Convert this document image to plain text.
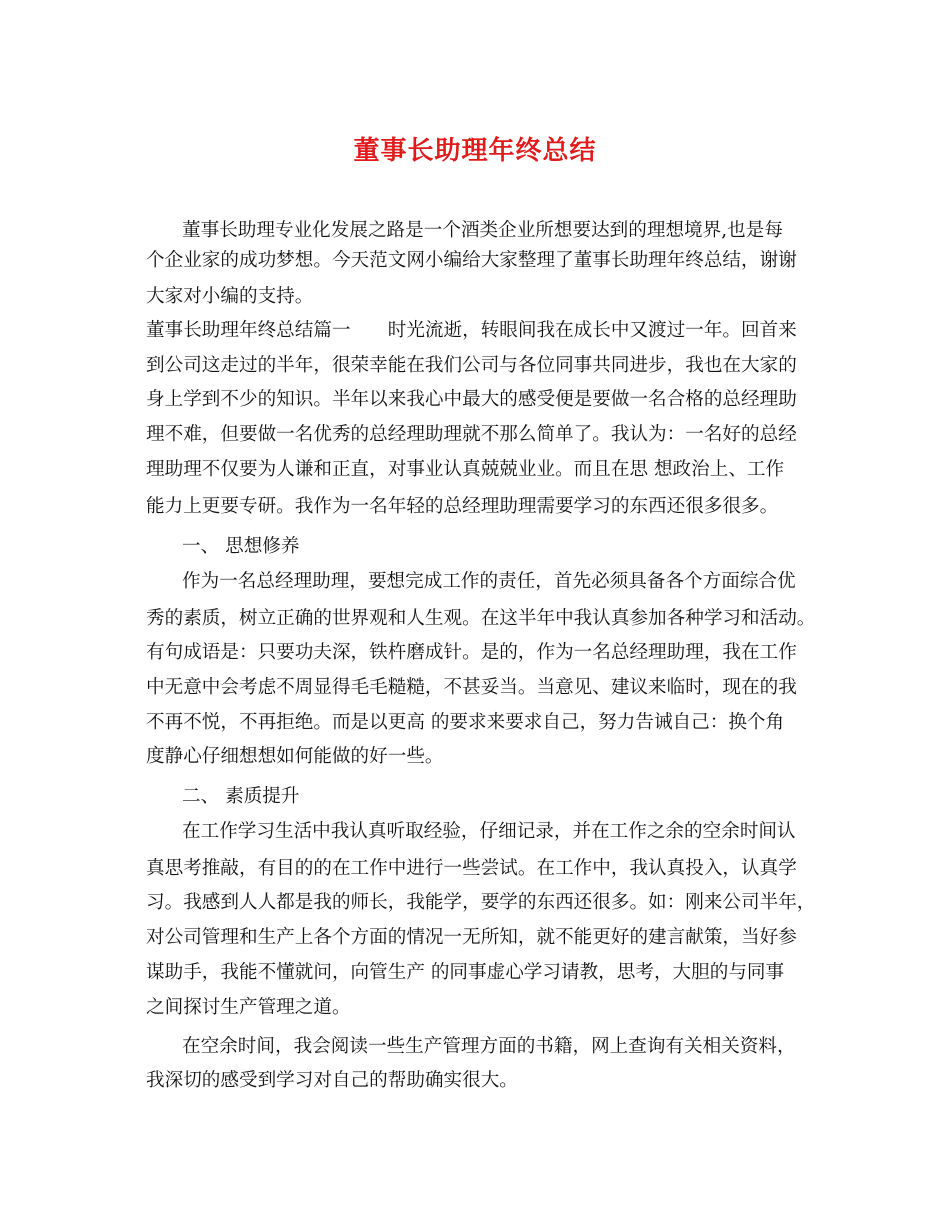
董事长助理年终总结
董事长助理专业化发展之路是一个酒类企业所想要达到的理想境界,也是每
个企业家的成功梦想。今天范文网小编给大家整理了董事长助理年终总结，谢谢
大家对小编的支持。
董事长助理年终总结篇一　　时光流逝，转眼间我在成长中又渡过一年。回首来
到公司这走过的半年，很荣幸能在我们公司与各位同事共同进步，我也在大家的
身上学到不少的知识。半年以来我心中最大的感受便是要做一名合格的总经理助
理不难，但要做一名优秀的总经理助理就不那么简单了。我认为：一名好的总经
理助理不仅要为人谦和正直，对事业认真兢兢业业。而且在思 想政治上、工作
能力上更要专研。我作为一名年轻的总经理助理需要学习的东西还很多很多。
一、 思想修养
作为一名总经理助理，要想完成工作的责任，首先必须具备各个方面综合优
秀的素质，树立正确的世界观和人生观。在这半年中我认真参加各种学习和活动。
有句成语是：只要功夫深，铁杵磨成针。是的，作为一名总经理助理，我在工作
中无意中会考虑不周显得毛毛糙糙，不甚妥当。当意见、建议来临时，现在的我
不再不悦，不再拒绝。而是以更高 的要求来要求自己，努力告诫自己：换个角
度静心仔细想想如何能做的好一些。
二、 素质提升
在工作学习生活中我认真听取经验，仔细记录，并在工作之余的空余时间认
真思考推敲，有目的的在工作中进行一些尝试。在工作中，我认真投入，认真学
习。我感到人人都是我的师长，我能学，要学的东西还很多。如：刚来公司半年，
对公司管理和生产上各个方面的情况一无所知，就不能更好的建言献策，当好参
谋助手，我能不懂就问，向管生产 的同事虚心学习请教，思考，大胆的与同事
之间探讨生产管理之道。
在空余时间，我会阅读一些生产管理方面的书籍，网上查询有关相关资料，
我深切的感受到学习对自己的帮助确实很大。
